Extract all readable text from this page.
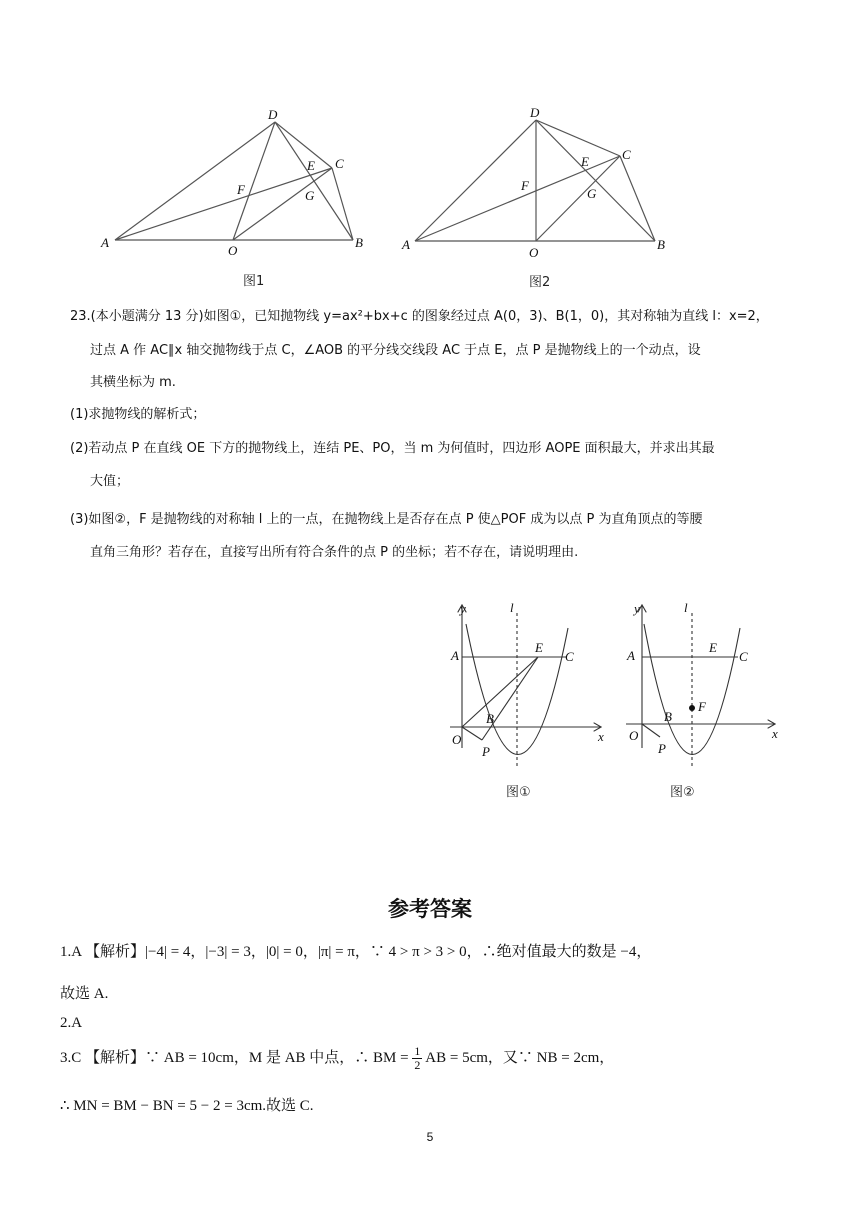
A	B
C
D
E
F	G
O
图1
A	B
C
D
E
F
G
O
图2
23.(本小题满分 13 分)如图①，已知抛物线 y=ax²+bx+c 的图象经过点 A(0，3)、B(1，0)，其对称轴为直线 l：x=2，
过点 A 作 AC∥x 轴交抛物线于点 C，∠AOB 的平分线交线段 AC 于点 E，点 P 是抛物线上的一个动点，设
其横坐标为 m.
(1)求抛物线的解析式；
(2)若动点 P 在直线 OE 下方的抛物线上，连结 PE、PO，当 m 为何值时，四边形 AOPE 面积最大，并求出其最
大值；
(3)如图②，F 是抛物线的对称轴 l 上的一点，在抛物线上是否存在点 P 使△POF 成为以点 P 为直角顶点的等腰
直角三角形？若存在，直接写出所有符合条件的点 P 的坐标；若不存在，请说明理由.
y
x
l
A
E
C
B
O
P
图①
y
x
l
A
E
C
F
B
O
P
图②
参考答案
1.A 【解析】|−4| = 4，|−3| = 3，|0| = 0，|π| = π，∵ 4 > π > 3 > 0，∴绝对值最大的数是 −4，
故选 A.
2.A
3.C 【解析】∵ AB = 10cm，M 是 AB 中点，∴ BM = $\frac{1}{2}$ AB = 5cm，又∵ NB = 2cm，
∴ MN = BM − BN = 5 − 2 = 3cm.故选 C.
5
